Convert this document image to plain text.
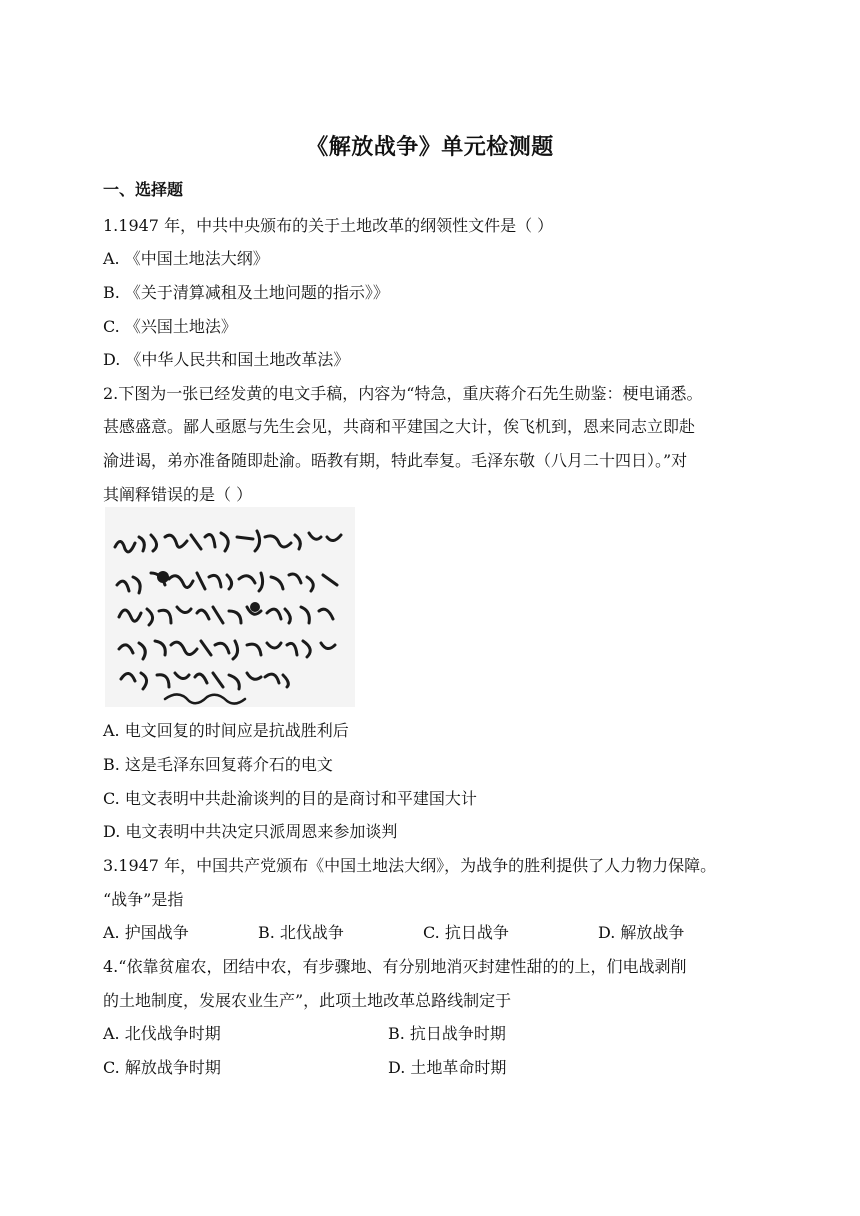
《解放战争》单元检测题
一、选择题
1.1947 年，中共中央颁布的关于土地改革的纲领性文件是（ ）
A. 《中国土地法大纲》
B. 《关于清算减租及土地问题的指示》》
C. 《兴国土地法》
D. 《中华人民共和国土地改革法》
2.下图为一张已经发黄的电文手稿，内容为“特急，重庆蒋介石先生勋鉴：梗电诵悉。
甚感盛意。鄙人亟愿与先生会见，共商和平建国之大计，俟飞机到，恩来同志立即赴
渝进谒，弟亦准备随即赴渝。晤教有期，特此奉复。毛泽东敬（八月二十四日）。”对
其阐释错误的是（ ）
A. 电文回复的时间应是抗战胜利后
B. 这是毛泽东回复蒋介石的电文
C. 电文表明中共赴渝谈判的目的是商讨和平建国大计
D. 电文表明中共决定只派周恩来参加谈判
3.1947 年，中国共产党颁布《中国土地法大纲》，为战争的胜利提供了人力物力保障。
“战争”是指
A. 护国战争	B. 北伐战争	C. 抗日战争	D. 解放战争
4.“依靠贫雇农，团结中农，有步骤地、有分别地消灭封建性甜的的上，们电战剥削
的土地制度，发展农业生产”，此项土地改革总路线制定于
A. 北伐战争时期	B. 抗日战争时期
C. 解放战争时期	D. 土地革命时期
